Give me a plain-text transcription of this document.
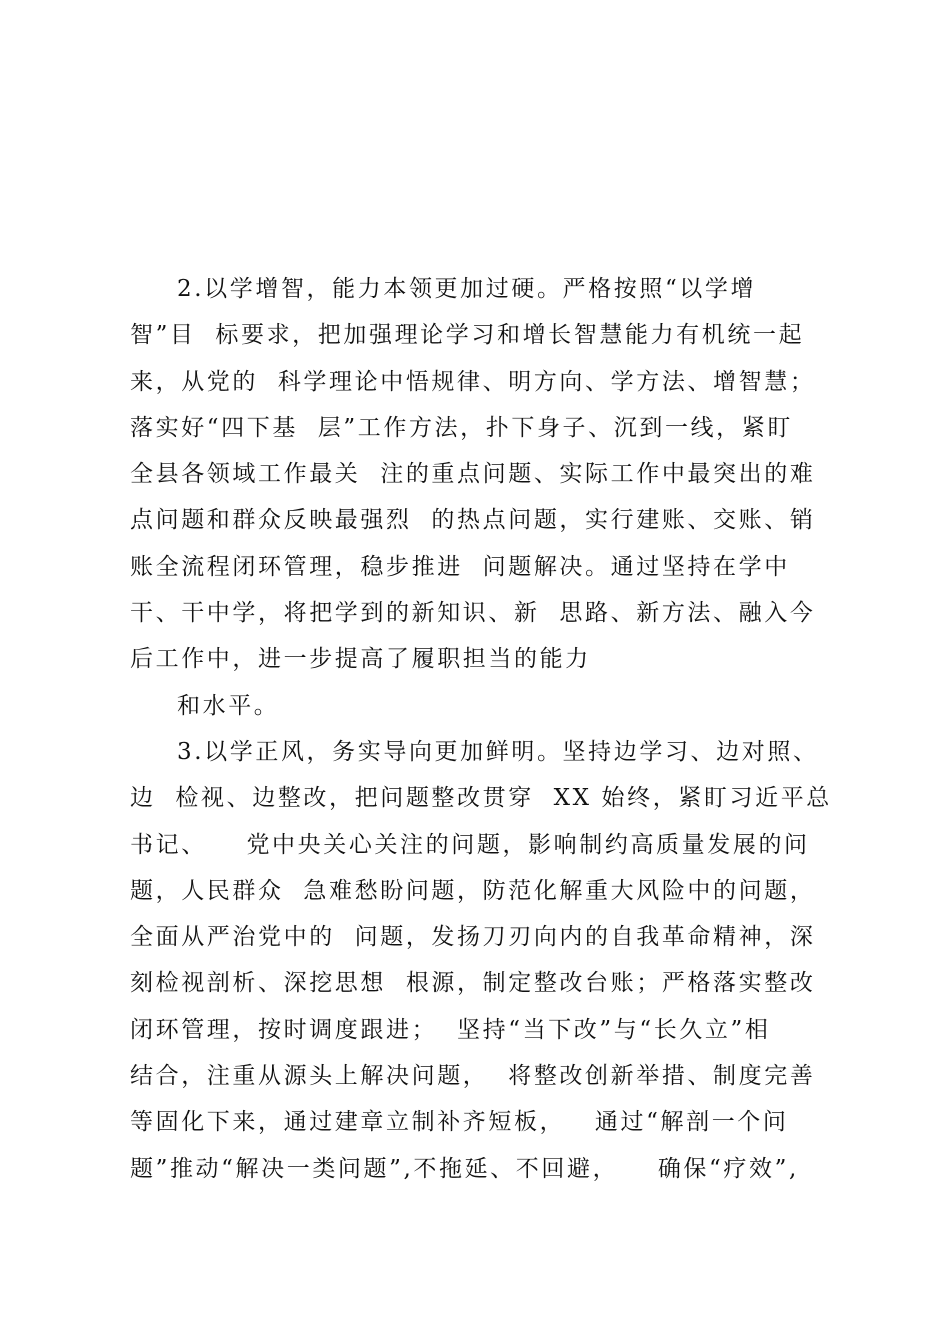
2.以学增智，能力本领更加过硬。严格按照“以学增
智”目  标要求，把加强理论学习和增长智慧能力有机统一起
来，从党的  科学理论中悟规律、明方向、学方法、增智慧；
落实好“四下基  层”工作方法，扑下身子、沉到一线，紧盯
全县各领域工作最关  注的重点问题、实际工作中最突出的难
点问题和群众反映最强烈  的热点问题，实行建账、交账、销
账全流程闭环管理，稳步推进  问题解决。通过坚持在学中
干、干中学，将把学到的新知识、新  思路、新方法、融入今
后工作中，进一步提高了履职担当的能力
和水平。
3.以学正风，务实导向更加鲜明。坚持边学习、边对照、
边  检视、边整改，把问题整改贯穿  XX 始终，紧盯习近平总
书记、    党中央关心关注的问题，影响制约高质量发展的问
题，人民群众  急难愁盼问题，防范化解重大风险中的问题，
全面从严治党中的  问题，发扬刀刃向内的自我革命精神，深
刻检视剖析、深挖思想  根源，制定整改台账；严格落实整改
闭环管理，按时调度跟进；  坚持“当下改”与“长久立”相
结合，注重从源头上解决问题，  将整改创新举措、制度完善
等固化下来，通过建章立制补齐短板，   通过“解剖一个问
题”推动“解决一类问题”,不拖延、不回避，    确保“疗效”,
